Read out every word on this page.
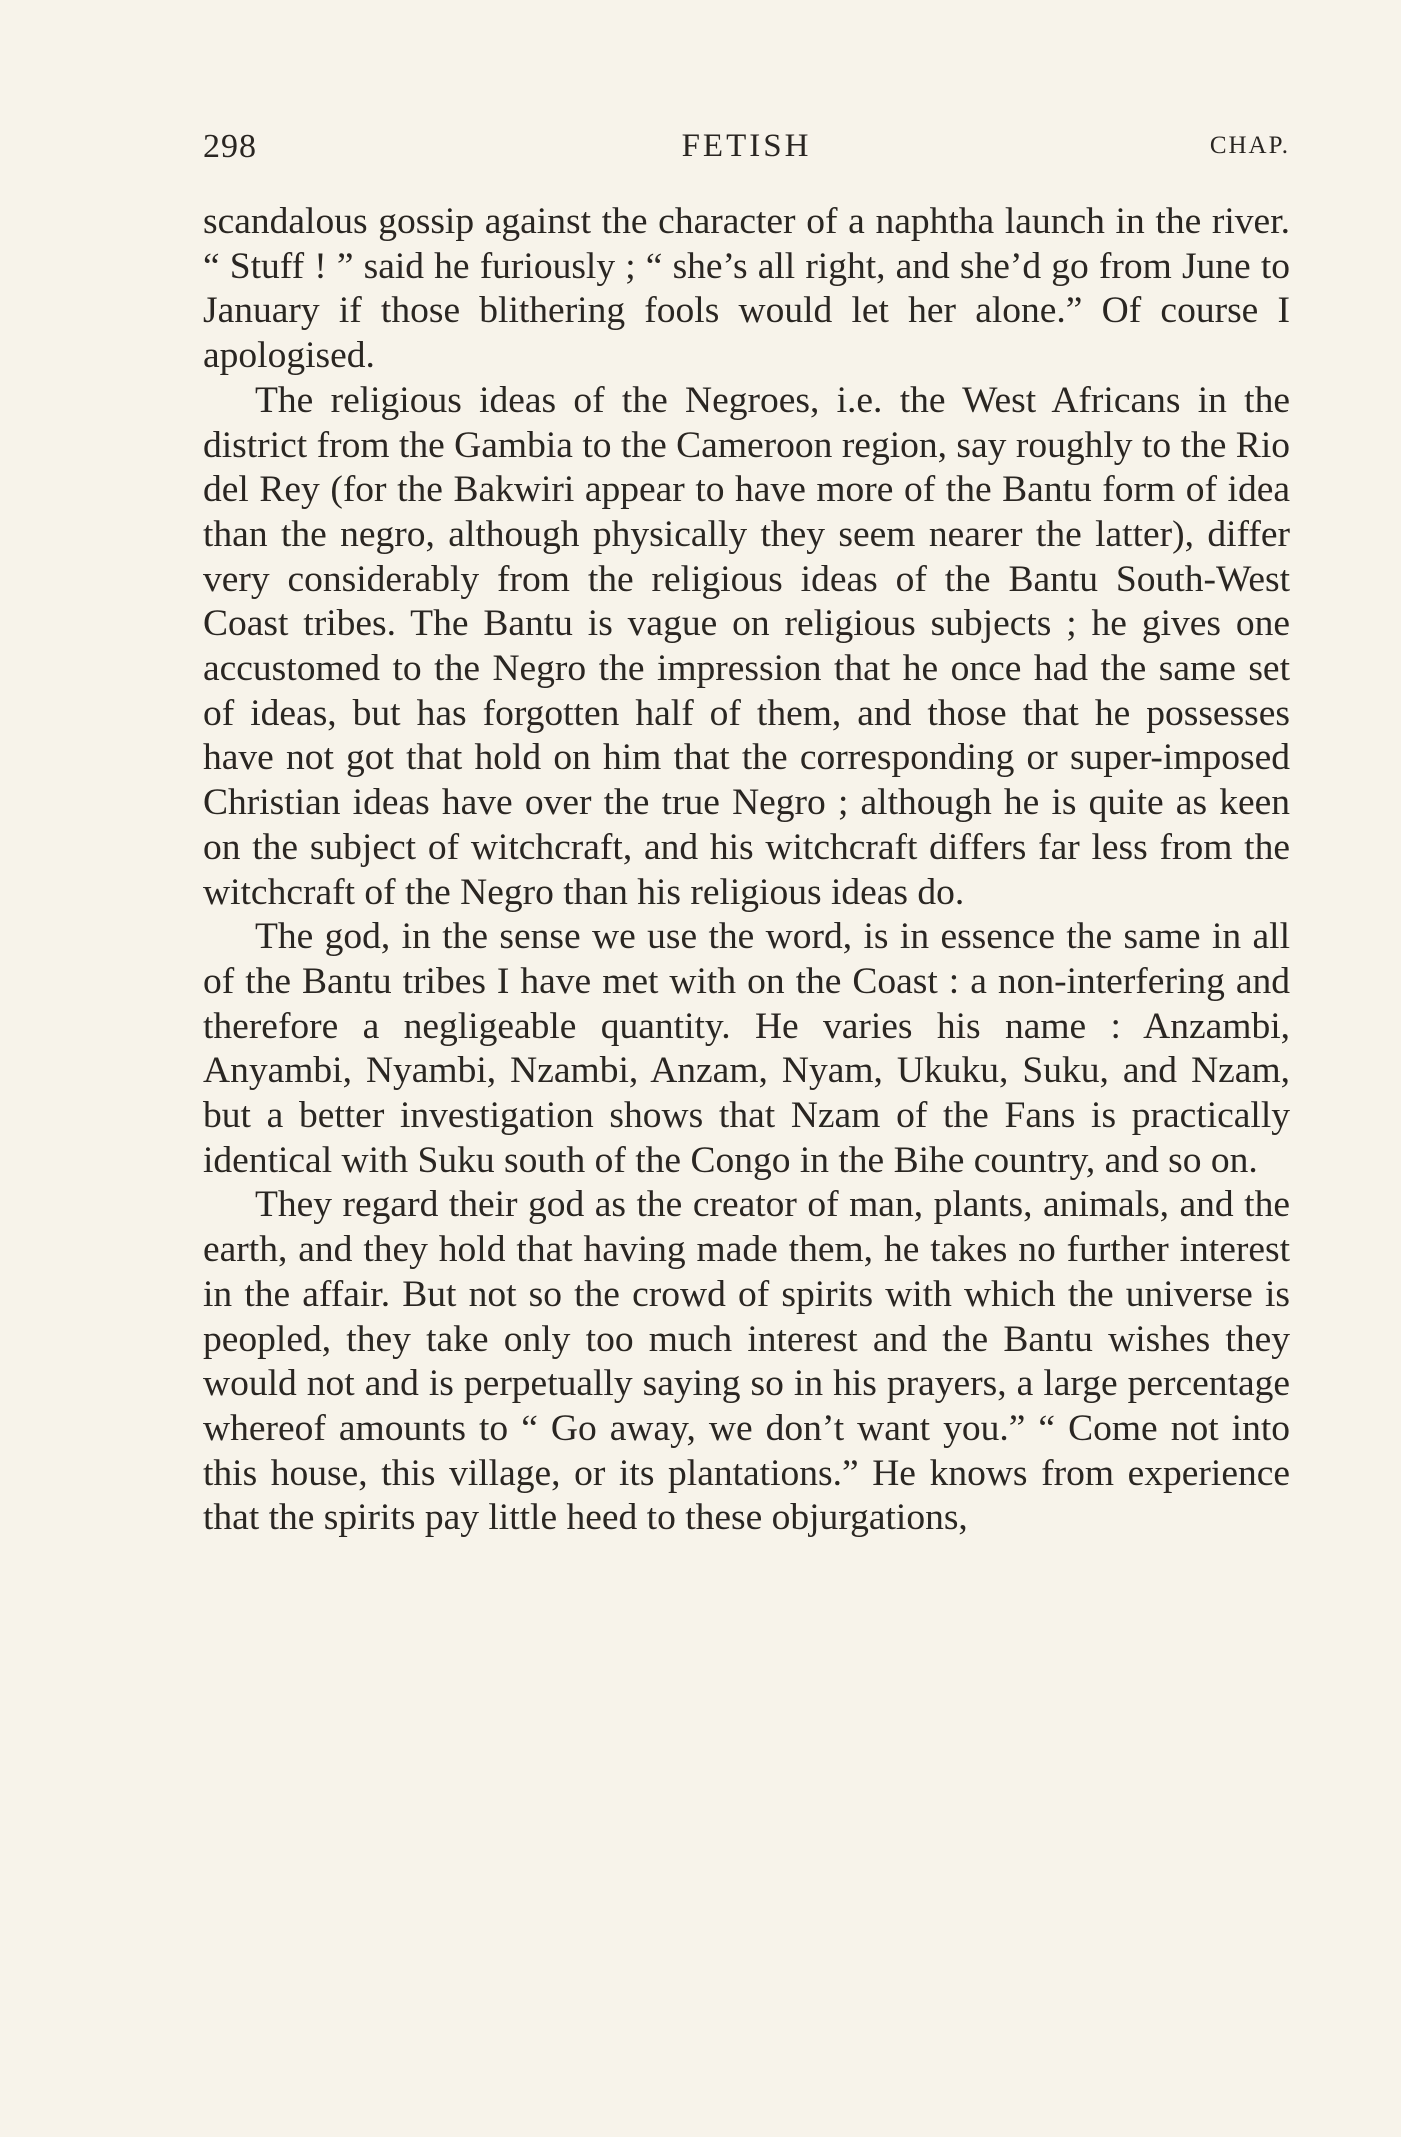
298	FETISH	CHAP.

scandalous gossip against the character of a naphtha launch in the river. “ Stuff ! ” said he furiously ; “ she’s all right, and she’d go from June to January if those blithering fools would let her alone.” Of course I apologised.

The religious ideas of the Negroes, i.e. the West Africans in the district from the Gambia to the Cameroon region, say roughly to the Rio del Rey (for the Bakwiri appear to have more of the Bantu form of idea than the negro, although physically they seem nearer the latter), differ very considerably from the religious ideas of the Bantu South-West Coast tribes. The Bantu is vague on religious subjects ; he gives one accustomed to the Negro the impression that he once had the same set of ideas, but has forgotten half of them, and those that he possesses have not got that hold on him that the corresponding or super-imposed Christian ideas have over the true Negro ; although he is quite as keen on the subject of witchcraft, and his witchcraft differs far less from the witchcraft of the Negro than his religious ideas do.

The god, in the sense we use the word, is in essence the same in all of the Bantu tribes I have met with on the Coast : a non-interfering and therefore a negligeable quantity. He varies his name : Anzambi, Anyambi, Nyambi, Nzambi, Anzam, Nyam, Ukuku, Suku, and Nzam, but a better investigation shows that Nzam of the Fans is practically identical with Suku south of the Congo in the Bihe country, and so on.

They regard their god as the creator of man, plants, animals, and the earth, and they hold that having made them, he takes no further interest in the affair. But not so the crowd of spirits with which the universe is peopled, they take only too much interest and the Bantu wishes they would not and is perpetually saying so in his prayers, a large percentage whereof amounts to “ Go away, we don’t want you.” “ Come not into this house, this village, or its plantations.” He knows from experience that the spirits pay little heed to these objurgations,
